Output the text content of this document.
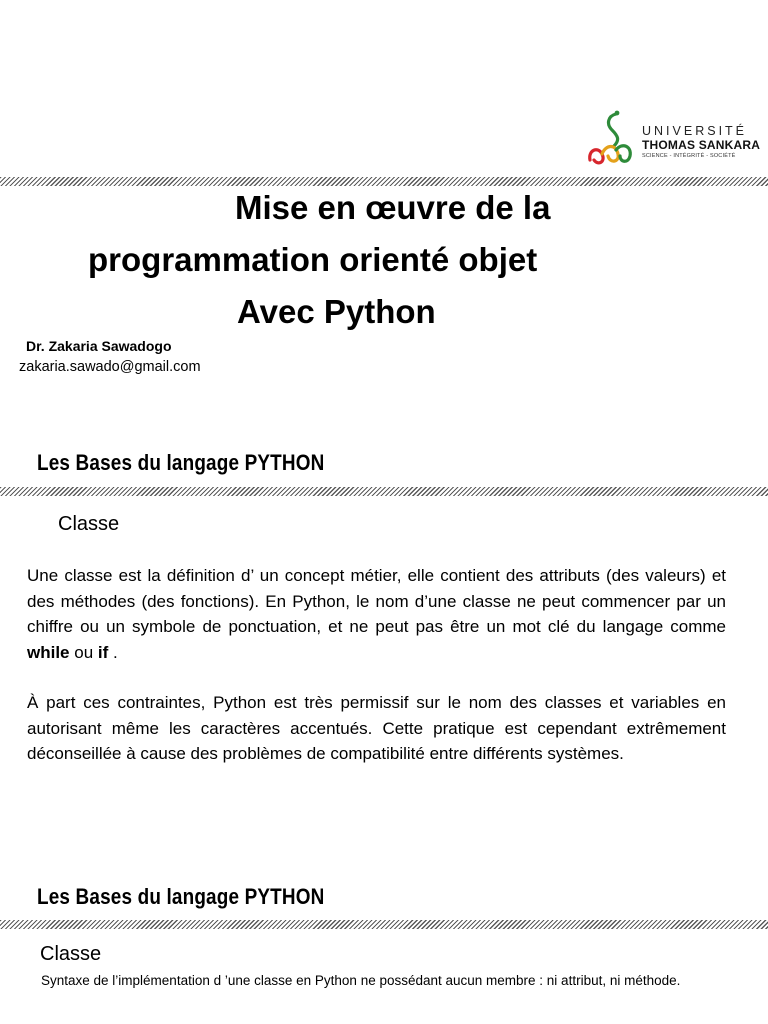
UNIVERSITÉ
THOMAS SANKARA
SCIENCE - INTÉGRITÉ - SOCIÉTÉ
Mise en œuvre de la
programmation orienté objet
Avec Python
Dr. Zakaria Sawadogo
zakaria.sawado@gmail.com
Les Bases du langage PYTHON
Classe
Une classe est la définition d’ un concept métier, elle contient des attributs (des valeurs) et des méthodes (des fonctions). En Python, le nom d’une classe ne peut commencer par un chiffre ou un symbole de ponctuation, et ne peut pas être un mot clé du langage comme while ou if .
À part ces contraintes, Python est très permissif sur le nom des classes et variables en autorisant même les caractères accentués. Cette pratique est cependant extrêmement déconseillée à cause des problèmes de compatibilité entre différents systèmes.
Les Bases du langage PYTHON
Classe
Syntaxe de l’implémentation d ’une classe en Python ne possédant aucun membre : ni attribut, ni méthode.
